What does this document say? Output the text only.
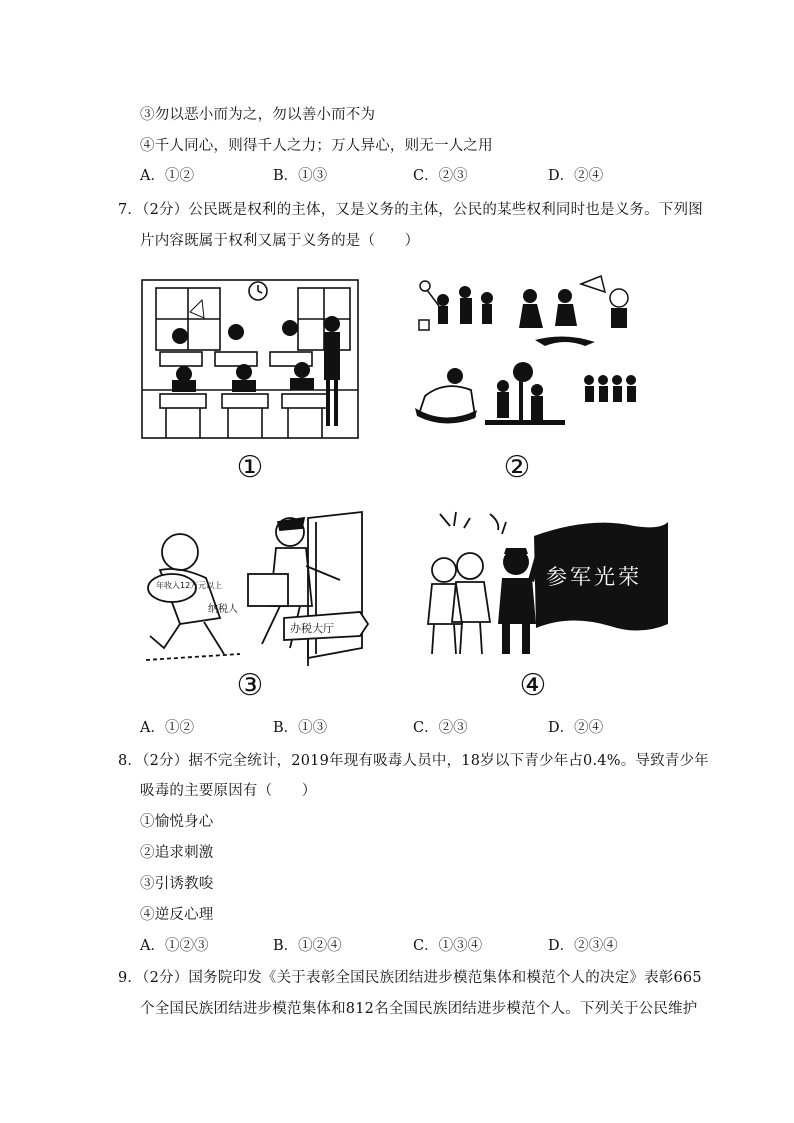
③勿以恶小而为之，勿以善小而不为
④千人同心，则得千人之力；万人异心，则无一人之用
A．①②	B．①③	C．②③	D．②④
7．（2分）公民既是权利的主体，又是义务的主体，公民的某些权利同时也是义务。下列图
片内容既属于权利又属于义务的是（　　）
①	②
年收入12万元以上
纳税人
办税大厅
③
参军光荣
④
A．①②	B．①③	C．②③	D．②④
8．（2分）据不完全统计，2019年现有吸毒人员中，18岁以下青少年占0.4%。导致青少年
吸毒的主要原因有（　　）
①愉悦身心
②追求刺激
③引诱教唆
④逆反心理
A．①②③	B．①②④	C．①③④	D．②③④
9．（2分）国务院印发《关于表彰全国民族团结进步模范集体和模范个人的决定》表彰665
个全国民族团结进步模范集体和812名全国民族团结进步模范个人。下列关于公民维护
